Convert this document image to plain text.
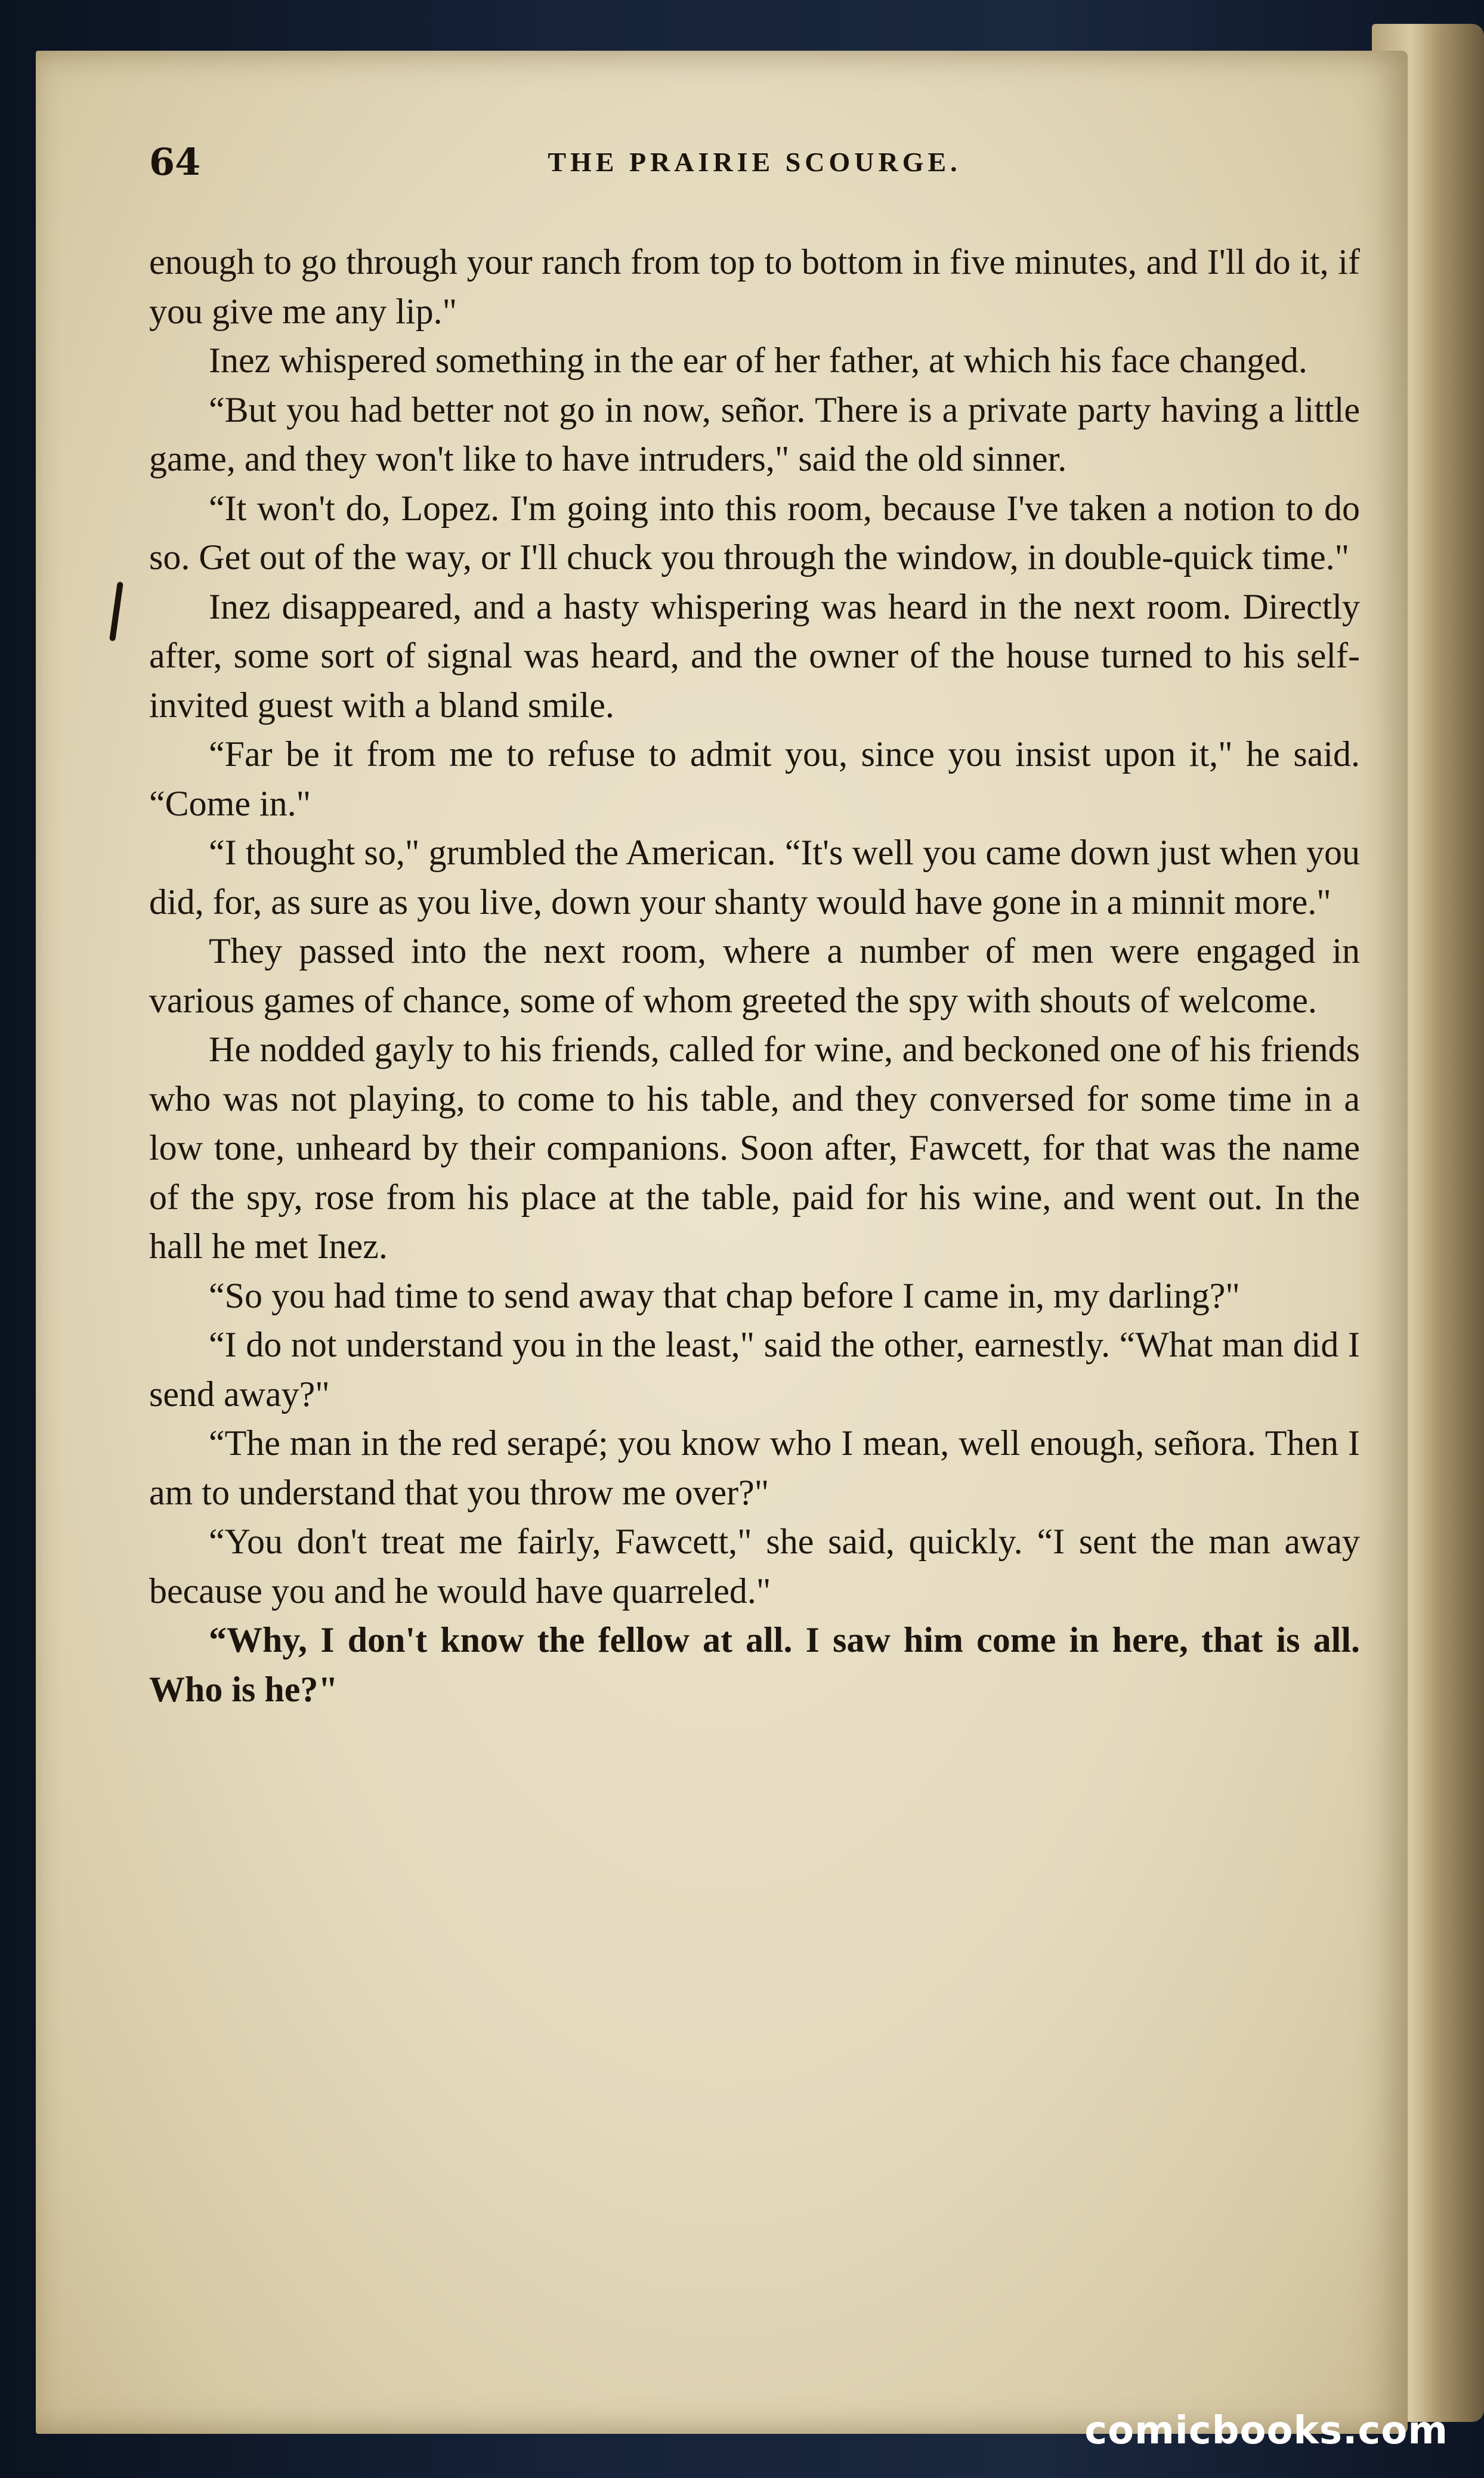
64	THE PRAIRIE SCOURGE.

enough to go through your ranch from top to bottom in five minutes, and I'll do it, if you give me any lip."

Inez whispered something in the ear of her father, at which his face changed.

“But you had better not go in now, señor. There is a private party having a little game, and they won't like to have intruders," said the old sinner.

“It won't do, Lopez. I'm going into this room, because I've taken a notion to do so. Get out of the way, or I'll chuck you through the window, in double-quick time."

Inez disappeared, and a hasty whispering was heard in the next room. Directly after, some sort of signal was heard, and the owner of the house turned to his self-invited guest with a bland smile.

“Far be it from me to refuse to admit you, since you insist upon it," he said. “Come in."

“I thought so," grumbled the American. “It's well you came down just when you did, for, as sure as you live, down your shanty would have gone in a minnit more."

They passed into the next room, where a number of men were engaged in various games of chance, some of whom greeted the spy with shouts of welcome.

He nodded gayly to his friends, called for wine, and beckoned one of his friends who was not playing, to come to his table, and they conversed for some time in a low tone, unheard by their companions. Soon after, Fawcett, for that was the name of the spy, rose from his place at the table, paid for his wine, and went out. In the hall he met Inez.

“So you had time to send away that chap before I came in, my darling?"

“I do not understand you in the least," said the other, earnestly. “What man did I send away?"

“The man in the red serapé; you know who I mean, well enough, señora. Then I am to understand that you throw me over?"

“You don't treat me fairly, Fawcett," she said, quickly. “I sent the man away because you and he would have quarreled."

“Why, I don't know the fellow at all. I saw him come in here, that is all. Who is he?"

comicbooks.com
